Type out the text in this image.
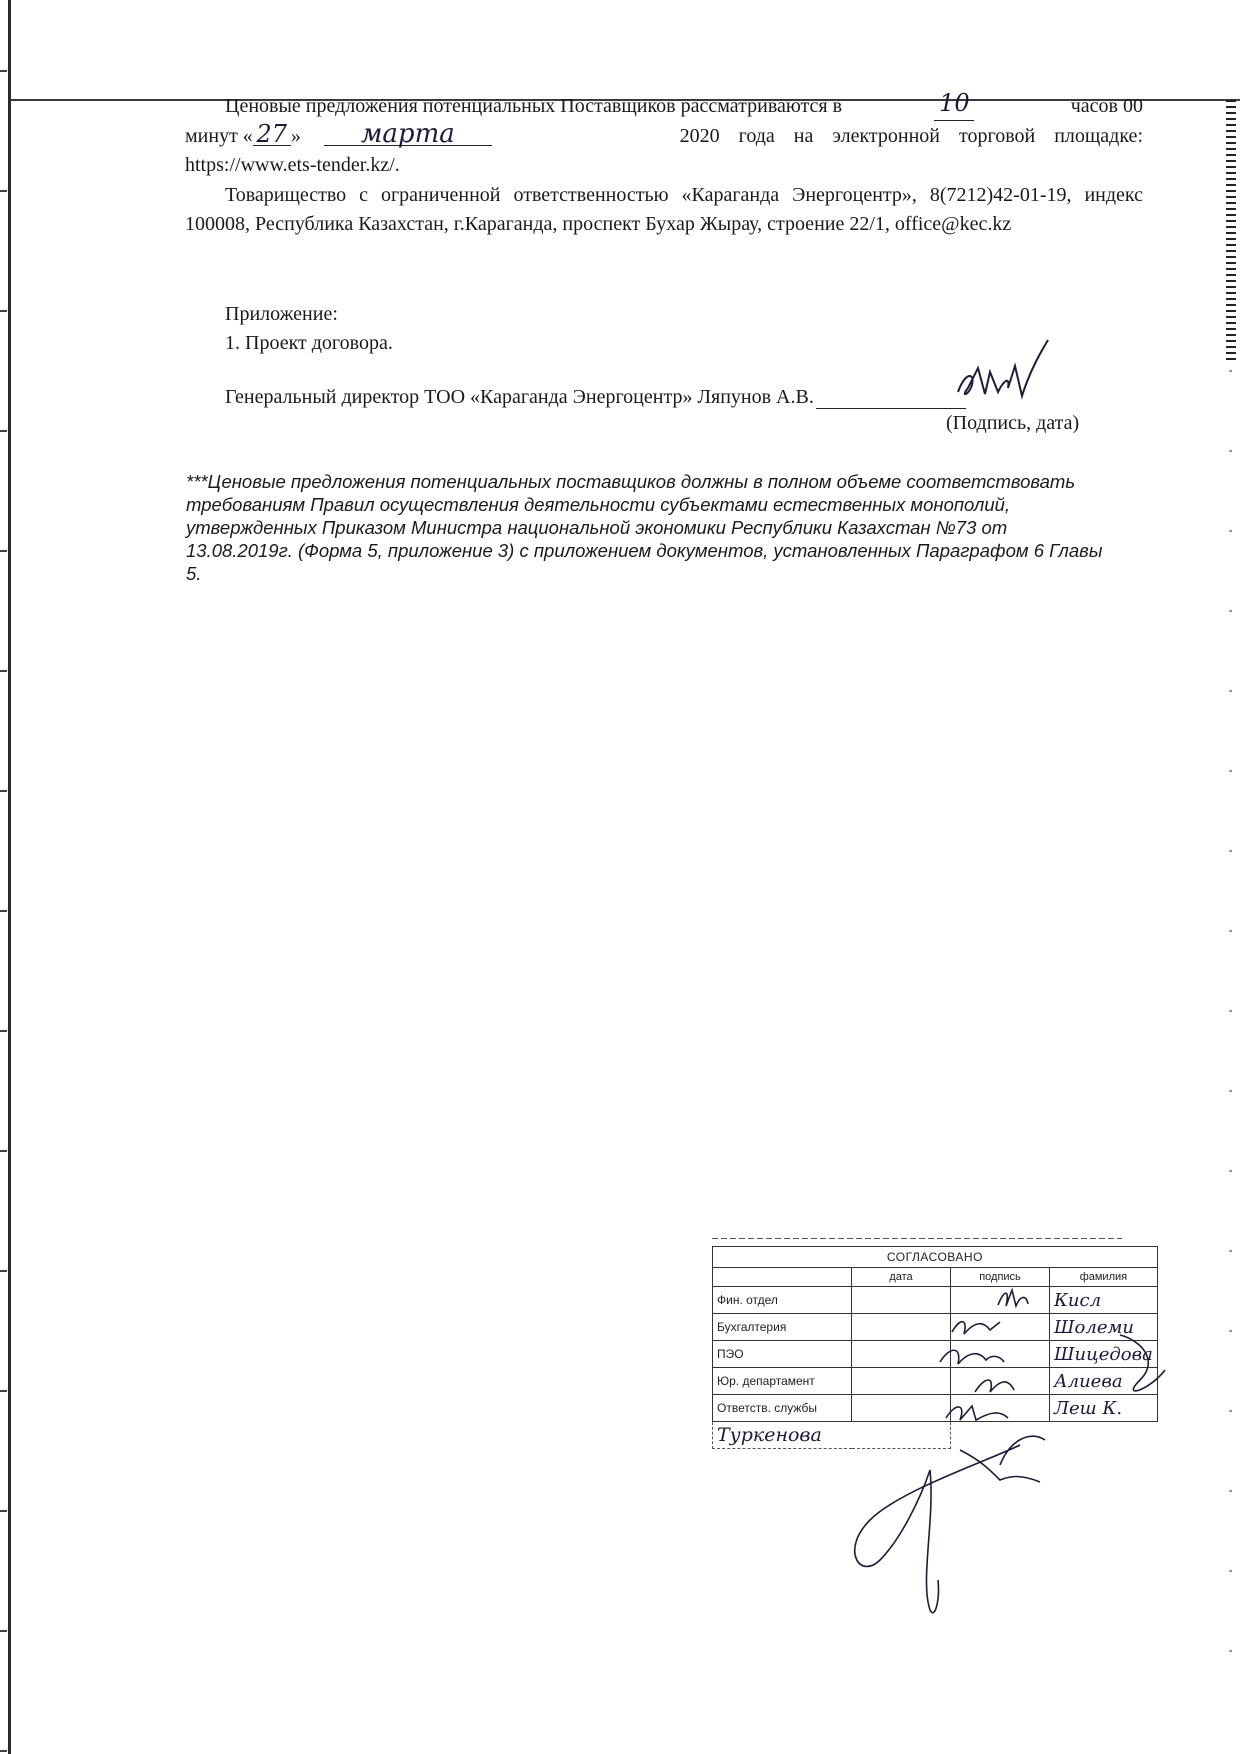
Ценовые предложения потенциальных Поставщиков рассматриваются в	10	часов 00
минут « 27 » марта	2020 года на электронной торговой площадке:
https://www.ets-tender.kz/.
Товарищество с ограниченной ответственностью «Караганда Энергоцентр», 8(7212)42-01-19, индекс 100008, Республика Казахстан, г.Караганда, проспект Бухар Жырау, строение 22/1, office@kec.kz
Приложение:
1. Проект договора.
Генеральный директор ТОО «Караганда Энергоцентр» Ляпунов А.В.
(Подпись, дата)
***Ценовые предложения потенциальных поставщиков должны в полном объеме соответствовать требованиям Правил осуществления деятельности субъектами естественных монополий, утвержденных Приказом Министра национальной экономики Республики Казахстан №73 от 13.08.2019г. (Форма 5, приложение 3) с приложением документов, установленных Параграфом 6 Главы 5.
СОГЛАСОВАНО			
	дата	подпись	фамилия
Фин. отдел			Кисл
Бухгалтерия			Шолеми
ПЭО			Шицедова
Юр. департамент			Алиева
Ответств. службы			Леш К.
Туркенова			
